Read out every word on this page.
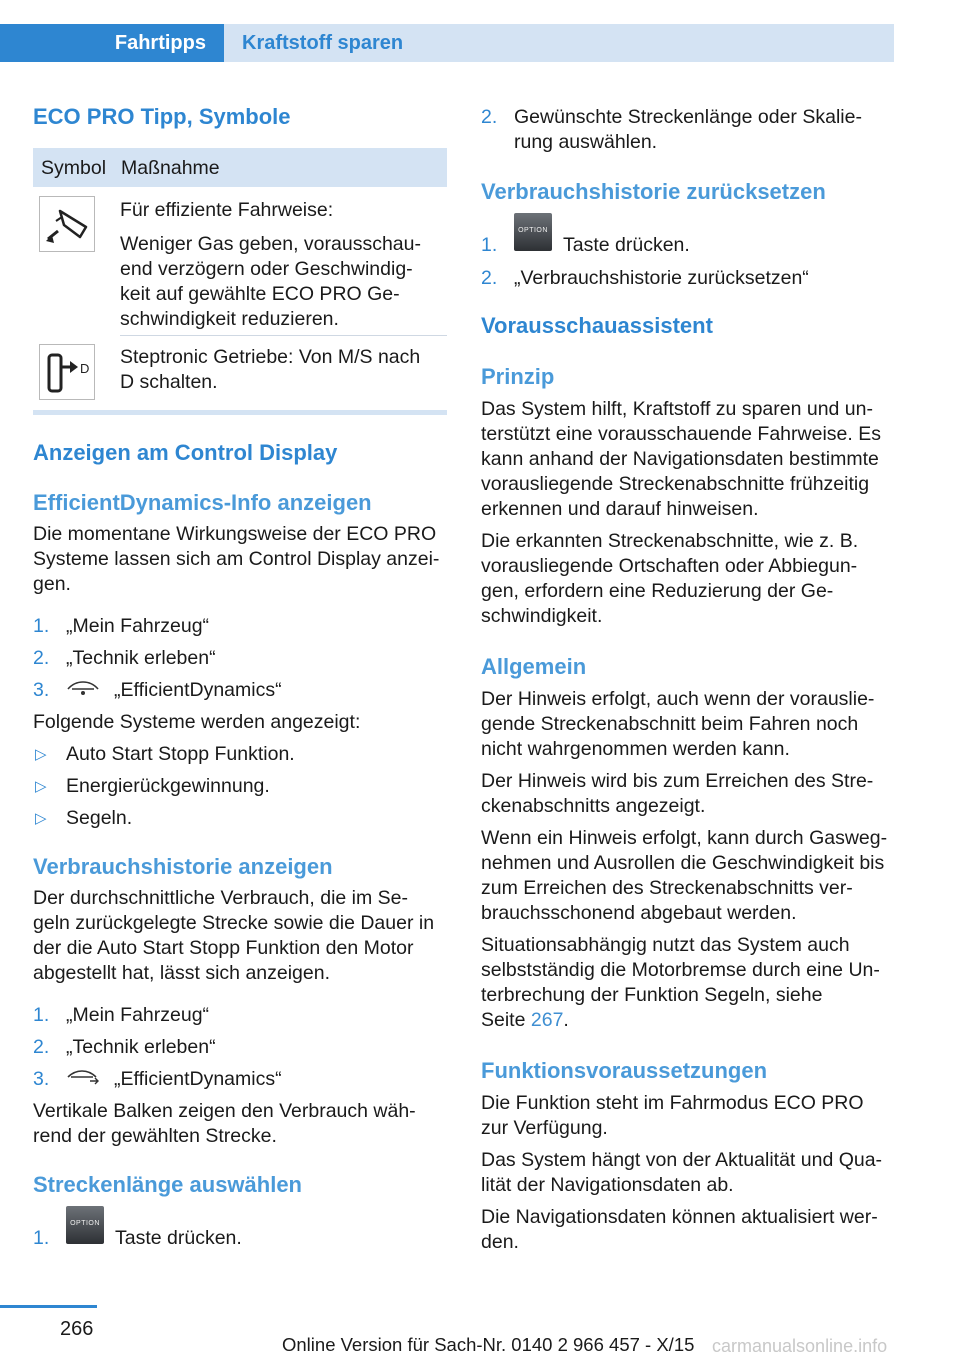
Fahrtipps	Kraftstoff sparen
ECO PRO Tipp, Symbole
Symbol Maßnahme

Für effiziente Fahrweise:

Weniger Gas geben, vorausschau-

end verzögern oder Geschwindig-

keit auf gewählte ECO PRO Ge-

schwindigkeit reduzieren.

D

Steptronic Getriebe: Von M/S nach

D schalten.

Anzeigen am Control Display
EfficientDynamics-Info anzeigen

Die momentane Wirkungsweise der ECO PRO

Systeme lassen sich am Control Display anzei-

gen.

1. „Mein Fahrzeug“
2. „Technik erleben“
3.	„EfficientDynamics“

Folgende Systeme werden angezeigt:

▷ Auto Start Stopp Funktion.
▷ Energierückgewinnung.
▷ Segeln.
Verbrauchshistorie anzeigen

Der durchschnittliche Verbrauch, die im Se-

geln zurückgelegte Strecke sowie die Dauer in

der die Auto Start Stopp Funktion den Motor

abgestellt hat, lässt sich anzeigen.

1. „Mein Fahrzeug“
2. „Technik erleben“
3.	„EfficientDynamics“

Vertikale Balken zeigen den Verbrauch wäh-

rend der gewählten Strecke.

Streckenlänge auswählen
1.	Taste drücken.
OPTION
2. Gewünschte Streckenlänge oder Skalie-

rung auswählen.

Verbrauchshistorie zurücksetzen
1.	Taste drücken.
OPTION
2. „Verbrauchshistorie zurücksetzen“
Vorausschauassistent
Prinzip

Das System hilft, Kraftstoff zu sparen und un-

terstützt eine vorausschauende Fahrweise. Es

kann anhand der Navigationsdaten bestimmte

vorausliegende Streckenabschnitte frühzeitig

erkennen und darauf hinweisen.

Die erkannten Streckenabschnitte, wie z. B.

vorausliegende Ortschaften oder Abbiegun-

gen, erfordern eine Reduzierung der Ge-

schwindigkeit.

Allgemein

Der Hinweis erfolgt, auch wenn der vorauslie-

gende Streckenabschnitt beim Fahren noch

nicht wahrgenommen werden kann.

Der Hinweis wird bis zum Erreichen des Stre-

ckenabschnitts angezeigt.

Wenn ein Hinweis erfolgt, kann durch Gasweg-

nehmen und Ausrollen die Geschwindigkeit bis

zum Erreichen des Streckenabschnitts ver-

brauchsschonend abgebaut werden.

Situationsabhängig nutzt das System auch

selbstständig die Motorbremse durch eine Un-

terbrechung der Funktion Segeln, siehe

Seite 267.

Funktionsvoraussetzungen

Die Funktion steht im Fahrmodus ECO PRO

zur Verfügung.

Das System hängt von der Aktualität und Qua-

lität der Navigationsdaten ab.

Die Navigationsdaten können aktualisiert wer-

den.

266
Online Version für Sach-Nr. 0140 2 966 457 - X/15 carmanualsonline.info
